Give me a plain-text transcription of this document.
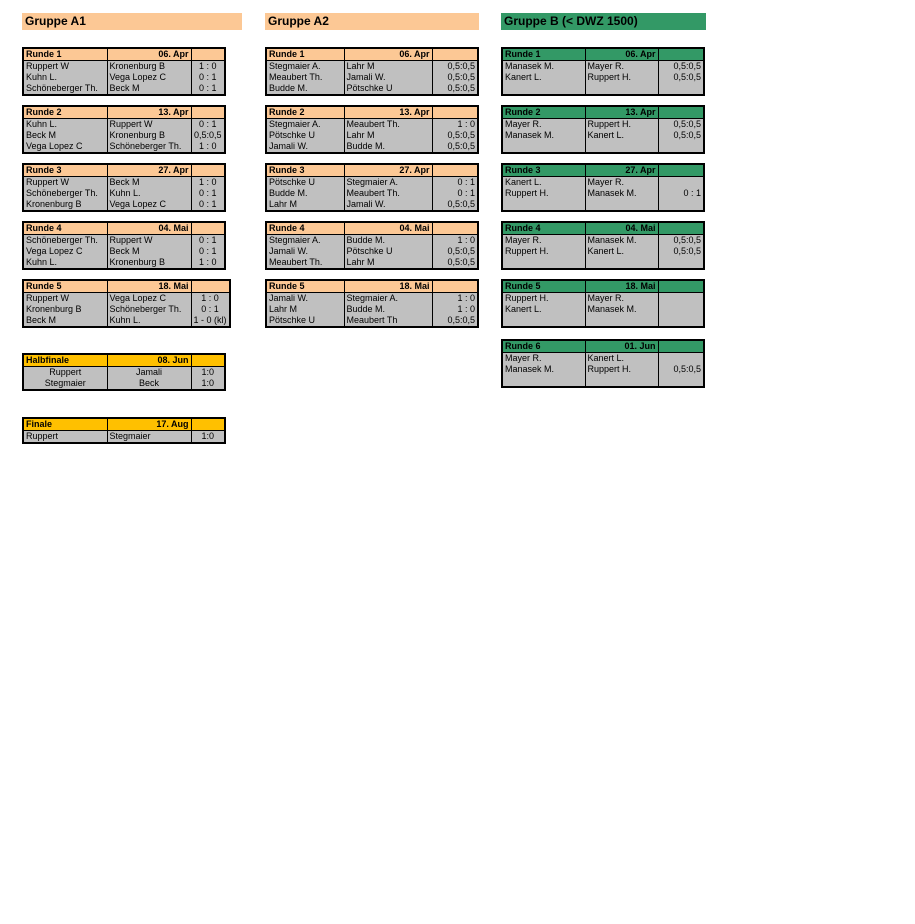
Gruppe A1	Gruppe A2	Gruppe B (< DWZ 1500)
Runde 1	06. Apr	
Ruppert W	Kronenburg B	1 : 0
Kuhn L.	Vega Lopez C	0 : 1
Schöneberger Th.	Beck M	0 : 1
Runde 2	13. Apr	
Kuhn L.	Ruppert W	0 : 1
Beck M	Kronenburg B	0,5:0,5
Vega Lopez C	Schöneberger Th.	1 : 0
Runde 3	27. Apr	
Ruppert W	Beck M	1 : 0
Schöneberger Th.	Kuhn L.	0 : 1
Kronenburg B	Vega Lopez C	0 : 1
Runde 4	04. Mai	
Schöneberger Th.	Ruppert W	0 : 1
Vega Lopez C	Beck M	0 : 1
Kuhn L.	Kronenburg B	1 : 0
Runde 5	18. Mai	
Ruppert W	Vega Lopez C	1 : 0
Kronenburg B	Schöneberger Th.	0 : 1
Beck M	Kuhn L.	1 - 0 (kl)
Runde 1	06. Apr	
Stegmaier A.	Lahr M	0,5:0,5
Meaubert Th.	Jamali W.	0,5:0,5
Budde M.	Pötschke U	0,5:0,5
Runde 2	13. Apr	
Stegmaier A.	Meaubert Th.	1 : 0
Pötschke U	Lahr M	0,5:0,5
Jamali W.	Budde M.	0,5:0,5
Runde 3	27. Apr	
Pötschke U	Stegmaier A.	0 : 1
Budde M.	Meaubert Th.	0 : 1
Lahr M	Jamali W.	0,5:0,5
Runde 4	04. Mai	
Stegmaier A.	Budde M.	1 : 0
Jamali W.	Pötschke U	0,5:0,5
Meaubert Th.	Lahr M	0,5:0,5
Runde 5	18. Mai	
Jamali W.	Stegmaier A.	1 : 0
Lahr M	Budde M.	1 : 0
Pötschke U	Meaubert Th	0,5:0,5
Runde 1	06. Apr	
Manasek M.	Mayer R.	0,5:0,5
Kanert L.	Ruppert H.	0,5:0,5

Runde 2	13. Apr	
Mayer R.	Ruppert H.	0,5:0,5
Manasek M.	Kanert L.	0,5:0,5

Runde 3	27. Apr	
Kanert L.	Mayer R.	
Ruppert H.	Manasek M.	0 : 1

Runde 4	04. Mai	
Mayer R.	Manasek M.	0,5:0,5
Ruppert H.	Kanert L.	0,5:0,5

Runde 5	18. Mai	
Ruppert H.	Mayer R.	
Kanert L.	Manasek M.	

Runde 6	01. Jun	
Mayer R.	Kanert L.	
Manasek M.	Ruppert H.	0,5:0,5

Halbfinale	08. Jun	
Ruppert	Jamali	1:0
Stegmaier	Beck	1:0
Finale	17. Aug	
Ruppert	Stegmaier	1:0
